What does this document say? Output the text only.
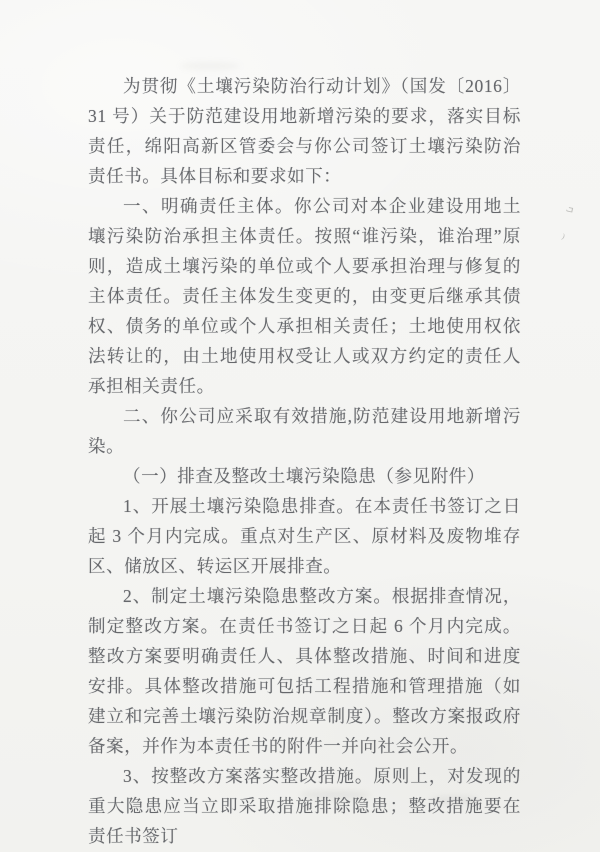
为贯彻《土壤污染防治行动计划》（国发〔2016〕31 号）关于防范建设用地新增污染的要求，落实目标责任，绵阳高新区管委会与你公司签订土壤污染防治责任书。具体目标和要求如下：

一、明确责任主体。你公司对本企业建设用地土壤污染防治承担主体责任。按照“谁污染，谁治理”原则，造成土壤污染的单位或个人要承担治理与修复的主体责任。责任主体发生变更的，由变更后继承其债权、债务的单位或个人承担相关责任；土地使用权依法转让的，由土地使用权受让人或双方约定的责任人承担相关责任。

二、你公司应采取有效措施,防范建设用地新增污染。

（一）排查及整改土壤污染隐患（参见附件）

1、开展土壤污染隐患排查。在本责任书签订之日起 3 个月内完成。重点对生产区、原材料及废物堆存区、储放区、转运区开展排查。

2、制定土壤污染隐患整改方案。根据排查情况，制定整改方案。在责任书签订之日起 6 个月内完成。整改方案要明确责任人、具体整改措施、时间和进度安排。具体整改措施可包括工程措施和管理措施（如建立和完善土壤污染防治规章制度）。整改方案报政府备案，并作为本责任书的附件一并向社会公开。

3、按整改方案落实整改措施。原则上，对发现的重大隐患应当立即采取措施排除隐患；整改措施要在责任书签订

ܒ
⁾
